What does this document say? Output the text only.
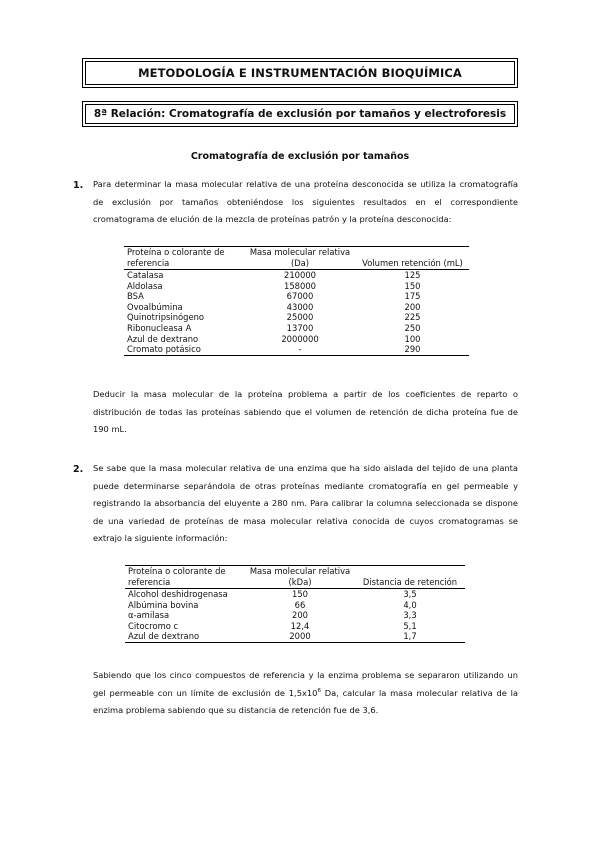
METODOLOGÍA E INSTRUMENTACIÓN BIOQUÍMICA
8ª Relación: Cromatografía de exclusión por tamaños y electroforesis
Cromatografía de exclusión por tamaños
1. Para determinar la masa molecular relativa de una proteína desconocida se utiliza la cromatografía de exclusión por tamaños obteniéndose los siguientes resultados en el correspondiente cromatograma de elución de la mezcla de proteínas patrón y la proteína desconocida:
Proteína o colorante de referencia	Masa molecular relativa (Da)	Volumen retención (mL)
Catalasa	210000	125
Aldolasa	158000	150
BSA	67000	175
Ovoalbúmina	43000	200
Quinotripsinógeno	25000	225
Ribonucleasa A	13700	250
Azul de dextrano	2000000	100
Cromato potásico	-	290
Deducir la masa molecular de la proteína problema a partir de los coeficientes de reparto o distribución de todas las proteínas sabiendo que el volumen de retención de dicha proteína fue de 190 mL.
2. Se sabe que la masa molecular relativa de una enzima que ha sido aislada del tejido de una planta puede determinarse separándola de otras proteínas mediante cromatografía en gel permeable y registrando la absorbancia del eluyente a 280 nm. Para calibrar la columna seleccionada se dispone de una variedad de proteínas de masa molecular relativa conocida de cuyos cromatogramas se extrajo la siguiente información:
Proteína o colorante de referencia	Masa molecular relativa (kDa)	Distancia de retención
Alcohol deshidrogenasa	150	3,5
Albúmina bovina	66	4,0
α-amilasa	200	3,3
Citocromo c	12,4	5,1
Azul de dextrano	2000	1,7
Sabiendo que los cinco compuestos de referencia y la enzima problema se separaron utilizando un gel permeable con un límite de exclusión de $1,5x10^6$ Da, calcular la masa molecular relativa de la enzima problema sabiendo que su distancia de retención fue de 3,6.
